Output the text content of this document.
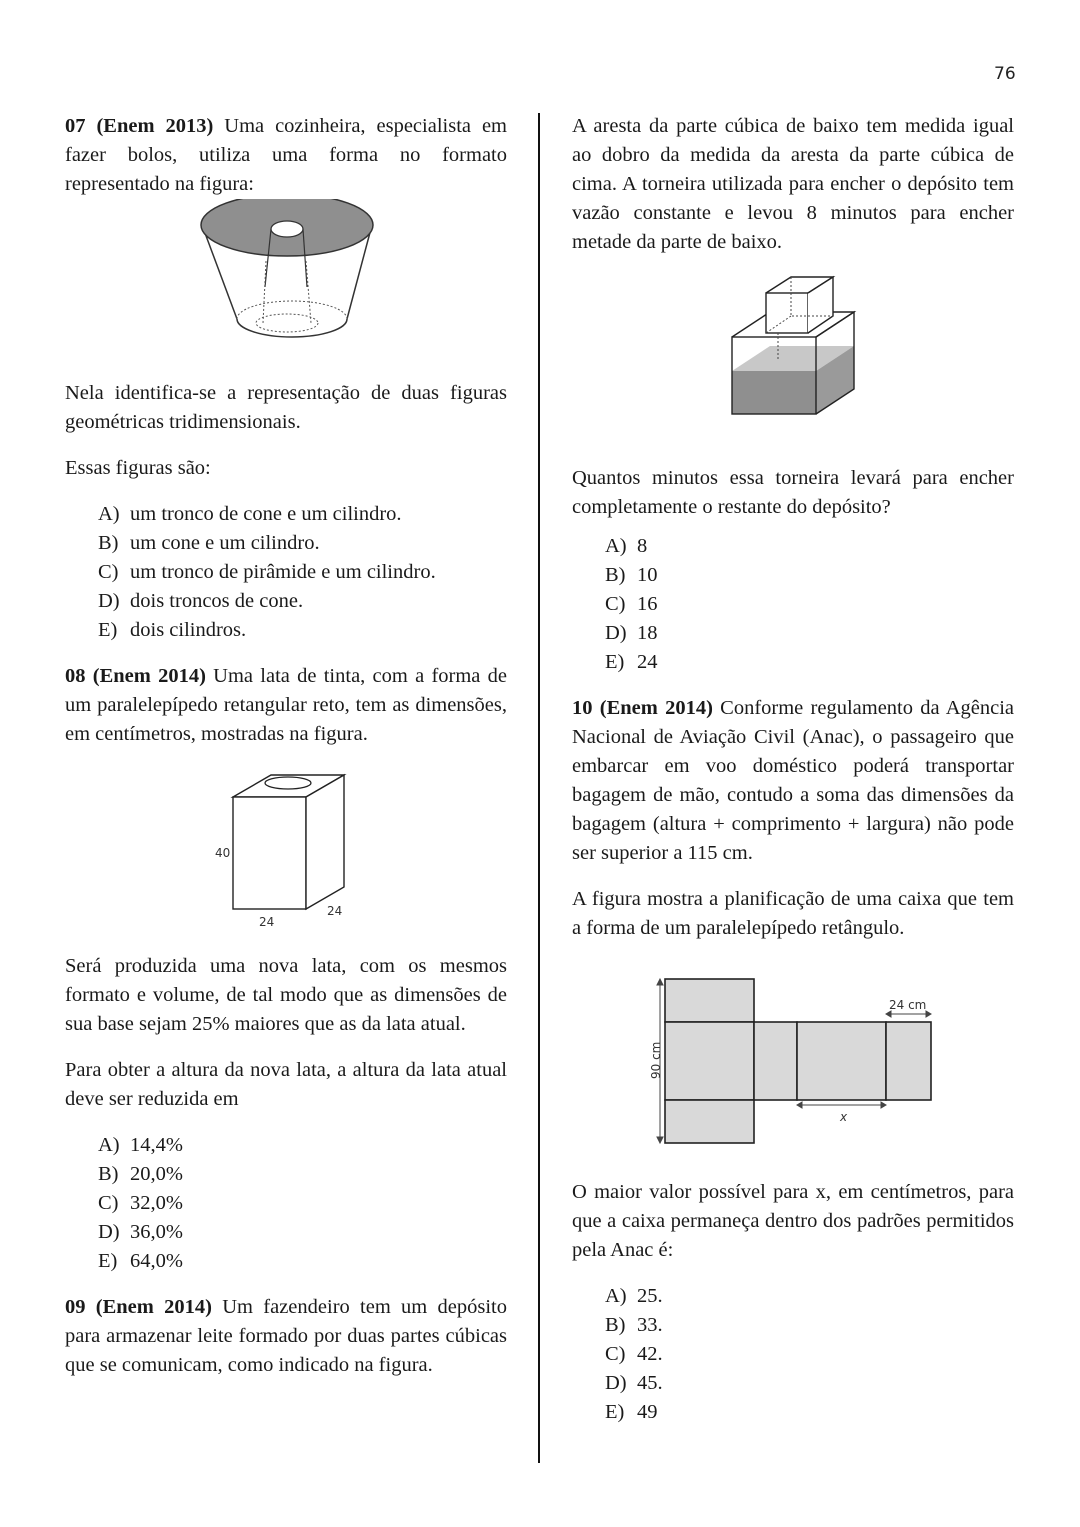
76

07 (Enem 2013) Uma cozinheira, especialista em fazer bolos, utiliza uma forma no formato representado na figura:

Nela identifica-se a representação de duas figuras geométricas tridimensionais.

Essas figuras são:

A) um tronco de cone e um cilindro.
B) um cone e um cilindro.
C) um tronco de pirâmide e um cilindro.
D) dois troncos de cone.
E) dois cilindros.

08 (Enem 2014) Uma lata de tinta, com a forma de um paralelepípedo retangular reto, tem as dimensões, em centímetros, mostradas na figura.

40
24
24

Será produzida uma nova lata, com os mesmos formato e volume, de tal modo que as dimensões de sua base sejam 25% maiores que as da lata atual.

Para obter a altura da nova lata, a altura da lata atual deve ser reduzida em

A) 14,4%
B) 20,0%
C) 32,0%
D) 36,0%
E) 64,0%

09 (Enem 2014) Um fazendeiro tem um depósito para armazenar leite formado por duas partes cúbicas que se comunicam, como indicado na figura.

A aresta da parte cúbica de baixo tem medida igual ao dobro da medida da aresta da parte cúbica de cima. A torneira utilizada para encher o depósito tem vazão constante e levou 8 minutos para encher metade da parte de baixo.

Quantos minutos essa torneira levará para encher completamente o restante do depósito?

A) 8
B) 10
C) 16
D) 18
E) 24

10 (Enem 2014) Conforme regulamento da Agência Nacional de Aviação Civil (Anac), o passageiro que embarcar em voo doméstico poderá transportar bagagem de mão, contudo a soma das dimensões da bagagem (altura + comprimento + largura) não pode ser superior a 115 cm.

A figura mostra a planificação de uma caixa que tem a forma de um paralelepípedo retângulo.

90 cm
24 cm
x

O maior valor possível para x, em centímetros, para que a caixa permaneça dentro dos padrões permitidos pela Anac é:

A) 25.
B) 33.
C) 42.
D) 45.
E) 49
